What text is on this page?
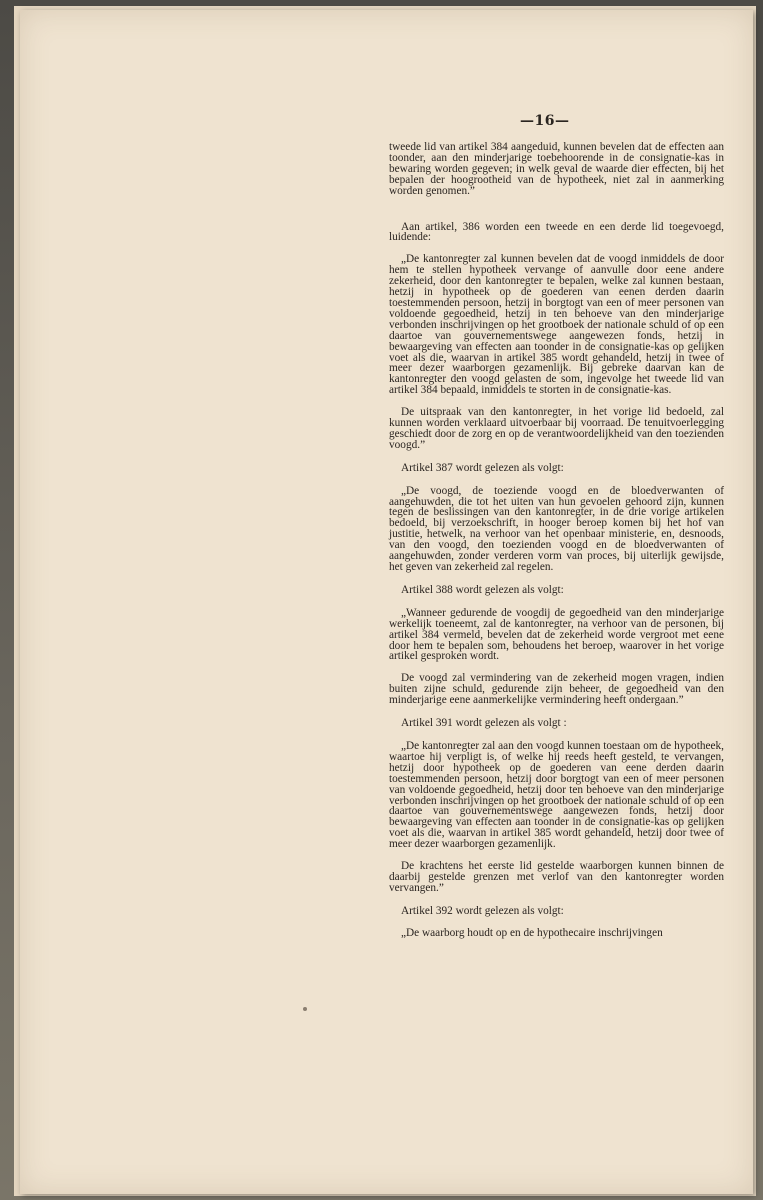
—16—

tweede lid van artikel 384 aangeduid, kunnen bevelen dat de effecten aan toonder, aan den minderjarige toebehoorende in de consignatie-kas in bewaring worden gegeven; in welk geval de waarde dier effecten, bij het bepalen der hoogrootheid van de hypotheek, niet zal in aanmerking worden genomen.”

Aan artikel, 386 worden een tweede en een derde lid toegevoegd, luidende:

„De kantonregter zal kunnen bevelen dat de voogd inmiddels de door hem te stellen hypotheek vervange of aanvulle door eene andere zekerheid, door den kantonregter te bepalen, welke zal kunnen bestaan, hetzij in hypotheek op de goederen van eenen derden daarin toestemmenden persoon, hetzij in borgtogt van een of meer personen van voldoende gegoedheid, hetzij in ten behoeve van den minderjarige verbonden inschrijvingen op het grootboek der nationale schuld of op een daartoe van gouvernementswege aangewezen fonds, hetzij in bewaargeving van effecten aan toonder in de consignatie-kas op gelijken voet als die, waarvan in artikel 385 wordt gehandeld, hetzij in twee of meer dezer waarborgen gezamenlijk. Bij gebreke daarvan kan de kantonregter den voogd gelasten de som, ingevolge het tweede lid van artikel 384 bepaald, inmiddels te storten in de consignatie-kas.

De uitspraak van den kantonregter, in het vorige lid bedoeld, zal kunnen worden verklaard uitvoerbaar bij voorraad. De tenuitvoerlegging geschiedt door de zorg en op de verantwoordelijkheid van den toezienden voogd.”

Artikel 387 wordt gelezen als volgt:

„De voogd, de toeziende voogd en de bloedverwanten of aangehuwden, die tot het uiten van hun gevoelen gehoord zijn, kunnen tegen de beslissingen van den kantonregter, in de drie vorige artikelen bedoeld, bij verzoekschrift, in hooger beroep komen bij het hof van justitie, hetwelk, na verhoor van het openbaar ministerie, en, desnoods, van den voogd, den toezienden voogd en de bloedverwanten of aangehuwden, zonder verderen vorm van proces, bij uiterlijk gewijsde, het geven van zekerheid zal regelen.

Artikel 388 wordt gelezen als volgt:

„Wanneer gedurende de voogdij de gegoedheid van den minderjarige werkelijk toeneemt, zal de kantonregter, na verhoor van de personen, bij artikel 384 vermeld, bevelen dat de zekerheid worde vergroot met eene door hem te bepalen som, behoudens het beroep, waarover in het vorige artikel gesproken wordt.

De voogd zal vermindering van de zekerheid mogen vragen, indien buiten zijne schuld, gedurende zijn beheer, de gegoedheid van den minderjarige eene aanmerkelijke vermindering heeft ondergaan.”

Artikel 391 wordt gelezen als volgt :

„De kantonregter zal aan den voogd kunnen toestaan om de hypotheek, waartoe hij verpligt is, of welke hij reeds heeft gesteld, te vervangen, hetzij door hypotheek op de goederen van eene derden daarin toestemmenden persoon, hetzij door borgtogt van een of meer personen van voldoende gegoedheid, hetzij door ten behoeve van den minderjarige verbonden inschrijvingen op het grootboek der nationale schuld of op een daartoe van gouvernementswege aangewezen fonds, hetzij door bewaargeving van effecten aan toonder in de consignatie-kas op gelijken voet als die, waarvan in artikel 385 wordt gehandeld, hetzij door twee of meer dezer waarborgen gezamenlijk.

De krachtens het eerste lid gestelde waarborgen kunnen binnen de daarbij gestelde grenzen met verlof van den kantonregter worden vervangen.”

Artikel 392 wordt gelezen als volgt:

„De waarborg houdt op en de hypothecaire inschrijvingen
